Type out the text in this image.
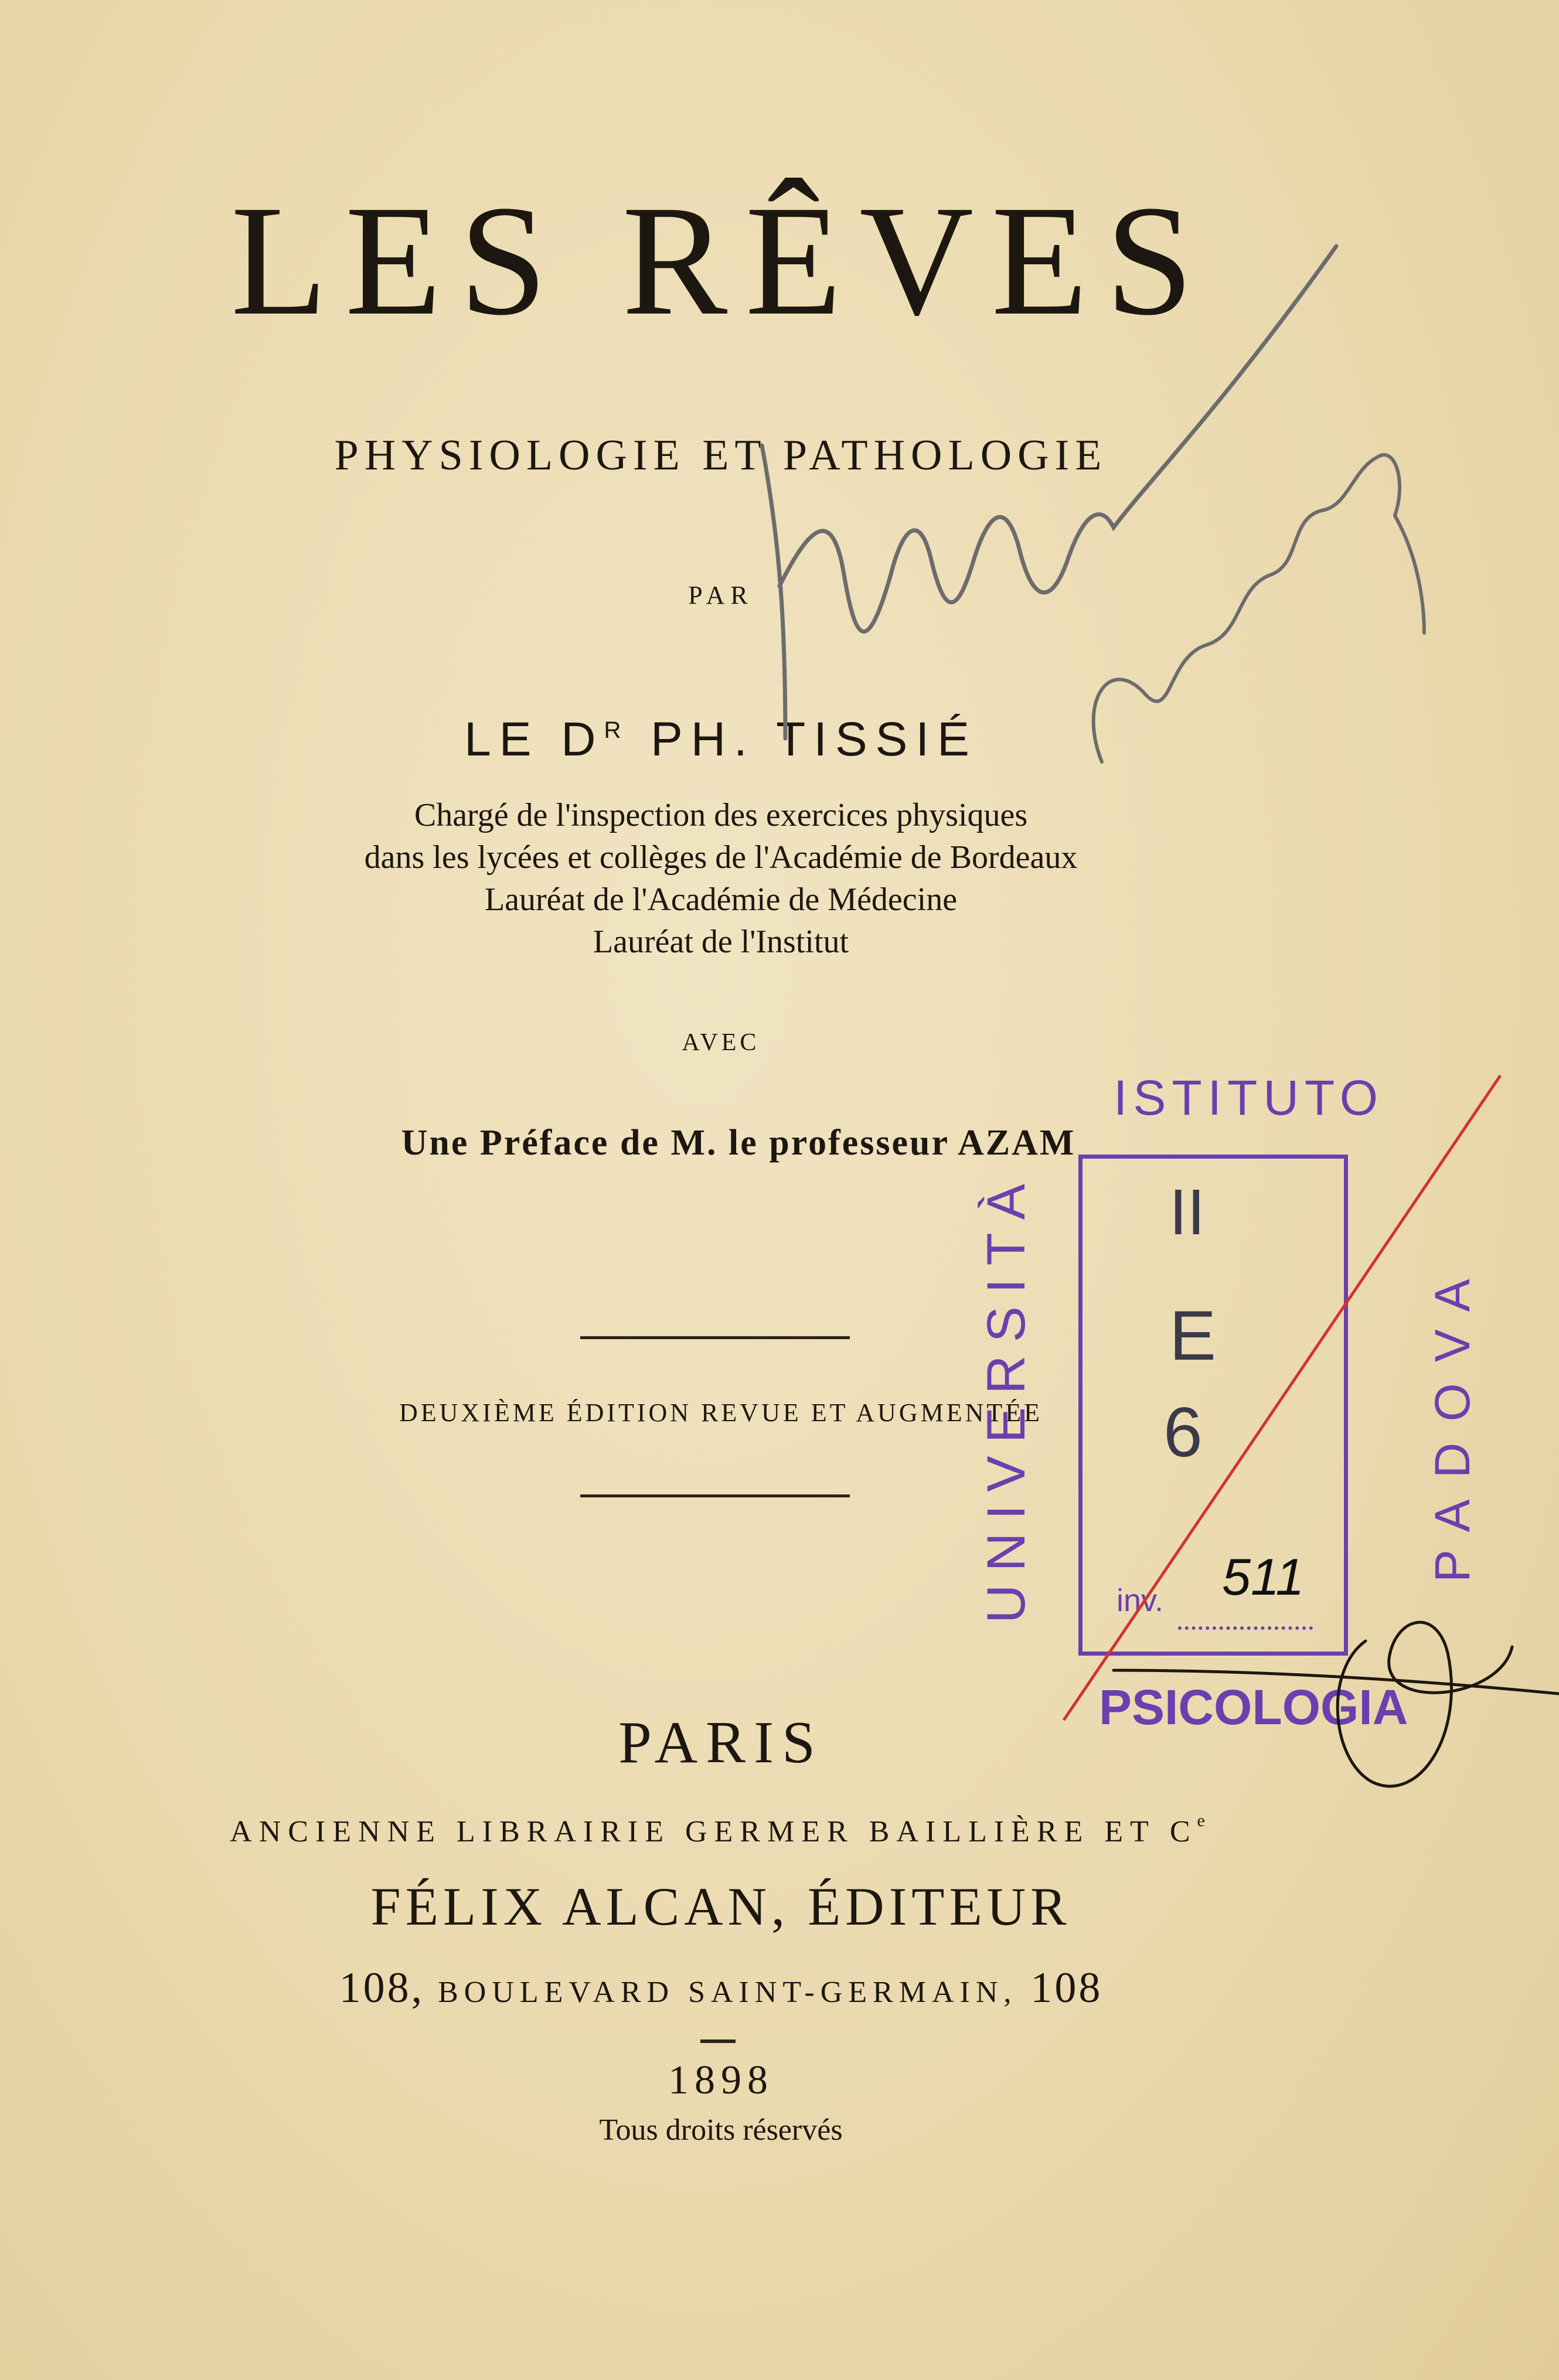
LES RÊVES
PHYSIOLOGIE ET PATHOLOGIE
PAR
LE $D^R$ PH. TISSIÉ
Chargé de l'inspection des exercices physiques
dans les lycées et collèges de l'Académie de Bordeaux
Lauréat de l'Académie de Médecine
Lauréat de l'Institut
AVEC
Une Préface de M. le professeur AZAM
DEUXIÈME ÉDITION REVUE ET AUGMENTÉE
PARIS
ANCIENNE LIBRAIRIE GERMER BAILLIÈRE ET Ce
FÉLIX ALCAN, ÉDITEUR
108, BOULEVARD SAINT-GERMAIN, 108
1898
Tous droits réservés
ISTITUTO
UNIVERSITÀ	PADOVA
PSICOLOGIA
inv.
II
E
6
511
